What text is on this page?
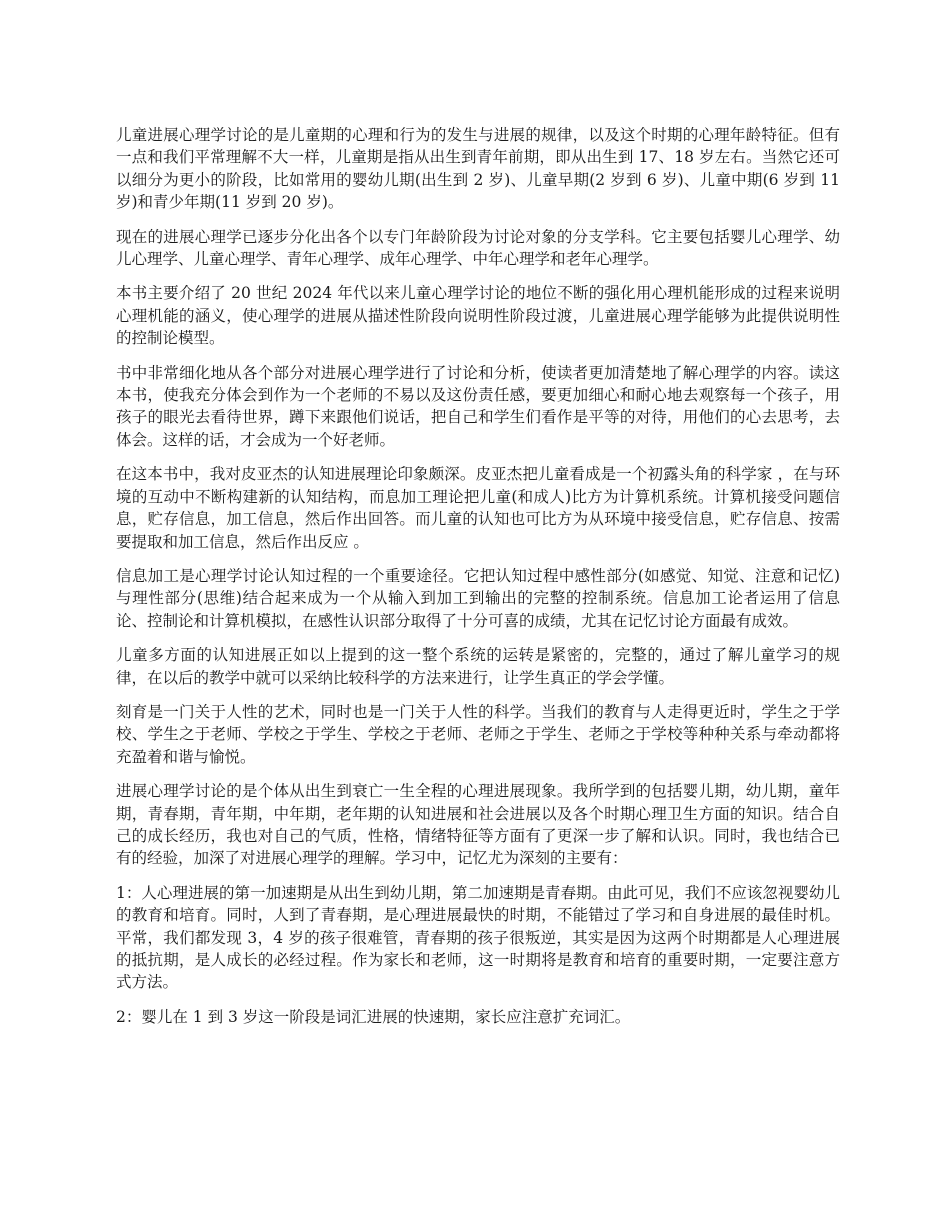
儿童进展心理学讨论的是儿童期的心理和行为的发生与进展的规律，以及这个时期的心理年龄特征。但有一点和我们平常理解不大一样，儿童期是指从出生到青年前期，即从出生到 17、18 岁左右。当然它还可以细分为更小的阶段，比如常用的婴幼儿期(出生到 2 岁)、儿童早期(2 岁到 6 岁)、儿童中期(6 岁到 11 岁)和青少年期(11 岁到 20 岁)。

现在的进展心理学已逐步分化出各个以专门年龄阶段为讨论对象的分支学科。它主要包括婴儿心理学、幼儿心理学、儿童心理学、青年心理学、成年心理学、中年心理学和老年心理学。

本书主要介绍了 20 世纪 2024 年代以来儿童心理学讨论的地位不断的强化用心理机能形成的过程来说明心理机能的涵义，使心理学的进展从描述性阶段向说明性阶段过渡，儿童进展心理学能够为此提供说明性的控制论模型。

书中非常细化地从各个部分对进展心理学进行了讨论和分析，使读者更加清楚地了解心理学的内容。读这本书，使我充分体会到作为一个老师的不易以及这份责任感，要更加细心和耐心地去观察每一个孩子，用孩子的眼光去看待世界，蹲下来跟他们说话，把自己和学生们看作是平等的对待，用他们的心去思考，去体会。这样的话，才会成为一个好老师。

在这本书中，我对皮亚杰的认知进展理论印象颇深。皮亚杰把儿童看成是一个初露头角的科学家 ，在与环境的互动中不断构建新的认知结构，而息加工理论把儿童(和成人)比方为计算机系统。计算机接受问题信息，贮存信息，加工信息，然后作出回答。而儿童的认知也可比方为从环境中接受信息，贮存信息、按需要提取和加工信息，然后作出反应 。

信息加工是心理学讨论认知过程的一个重要途径。它把认知过程中感性部分(如感觉、知觉、注意和记忆)与理性部分(思维)结合起来成为一个从输入到加工到输出的完整的控制系统。信息加工论者运用了信息论、控制论和计算机模拟，在感性认识部分取得了十分可喜的成绩，尤其在记忆讨论方面最有成效。

儿童多方面的认知进展正如以上提到的这一整个系统的运转是紧密的，完整的，通过了解儿童学习的规律，在以后的教学中就可以采纳比较科学的方法来进行，让学生真正的学会学懂。

刻育是一门关于人性的艺术，同时也是一门关于人性的科学。当我们的教育与人走得更近时，学生之于学校、学生之于老师、学校之于学生、学校之于老师、老师之于学生、老师之于学校等种种关系与牵动都将充盈着和谐与愉悦。

进展心理学讨论的是个体从出生到衰亡一生全程的心理进展现象。我所学到的包括婴儿期，幼儿期，童年期，青春期，青年期，中年期，老年期的认知进展和社会进展以及各个时期心理卫生方面的知识。结合自己的成长经历，我也对自己的气质，性格，情绪特征等方面有了更深一步了解和认识。同时，我也结合已有的经验，加深了对进展心理学的理解。学习中，记忆尤为深刻的主要有：

1：人心理进展的第一加速期是从出生到幼儿期，第二加速期是青春期。由此可见，我们不应该忽视婴幼儿的教育和培育。同时，人到了青春期，是心理进展最快的时期，不能错过了学习和自身进展的最佳时机。平常，我们都发现 3，4 岁的孩子很难管，青春期的孩子很叛逆，其实是因为这两个时期都是人心理进展的抵抗期，是人成长的必经过程。作为家长和老师，这一时期将是教育和培育的重要时期，一定要注意方式方法。

2：婴儿在 1 到 3 岁这一阶段是词汇进展的快速期，家长应注意扩充词汇。
